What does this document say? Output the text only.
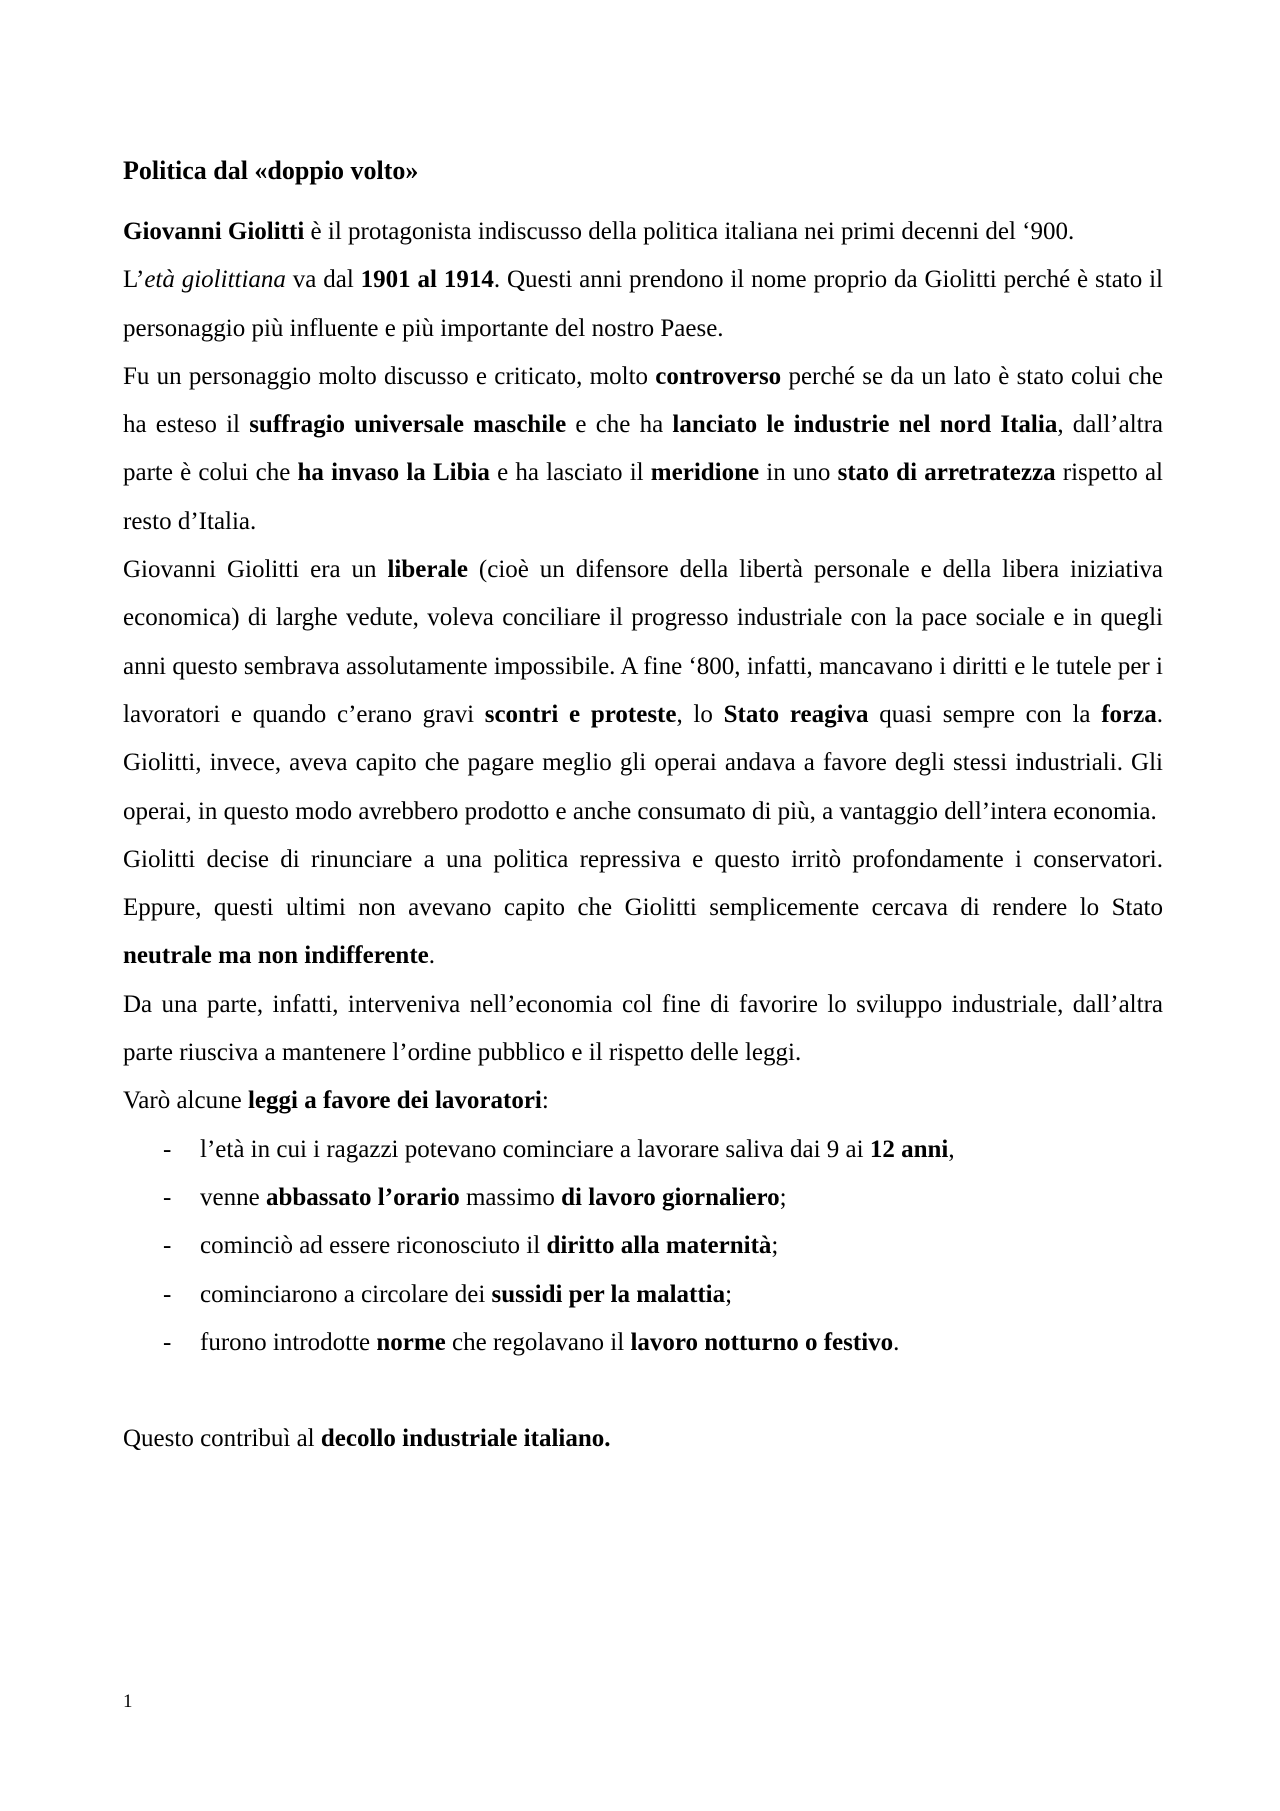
Politica dal «doppio volto»

Giovanni Giolitti è il protagonista indiscusso della politica italiana nei primi decenni del ‘900.

L’età giolittiana va dal 1901 al 1914. Questi anni prendono il nome proprio da Giolitti perché è stato il personaggio più influente e più importante del nostro Paese.

Fu un personaggio molto discusso e criticato, molto controverso perché se da un lato è stato colui che ha esteso il suffragio universale maschile e che ha lanciato le industrie nel nord Italia, dall’altra parte è colui che ha invaso la Libia e ha lasciato il meridione in uno stato di arretratezza rispetto al resto d’Italia.

Giovanni Giolitti era un liberale (cioè un difensore della libertà personale e della libera iniziativa economica) di larghe vedute, voleva conciliare il progresso industriale con la pace sociale e in quegli anni questo sembrava assolutamente impossibile. A fine ‘800, infatti, mancavano i diritti e le tutele per i lavoratori e quando c’erano gravi scontri e proteste, lo Stato reagiva quasi sempre con la forza. Giolitti, invece, aveva capito che pagare meglio gli operai andava a favore degli stessi industriali. Gli operai, in questo modo avrebbero prodotto e anche consumato di più, a vantaggio dell’intera economia.

Giolitti decise di rinunciare a una politica repressiva e questo irritò profondamente i conservatori. Eppure, questi ultimi non avevano capito che Giolitti semplicemente cercava di rendere lo Stato neutrale ma non indifferente.

Da una parte, infatti, interveniva nell’economia col fine di favorire lo sviluppo industriale, dall’altra parte riusciva a mantenere l’ordine pubblico e il rispetto delle leggi.

Varò alcune leggi a favore dei lavoratori:

- l’età in cui i ragazzi potevano cominciare a lavorare saliva dai 9 ai 12 anni,
- venne abbassato l’orario massimo di lavoro giornaliero;
- cominciò ad essere riconosciuto il diritto alla maternità;
- cominciarono a circolare dei sussidi per la malattia;
- furono introdotte norme che regolavano il lavoro notturno o festivo.

Questo contribuì al decollo industriale italiano.

1
